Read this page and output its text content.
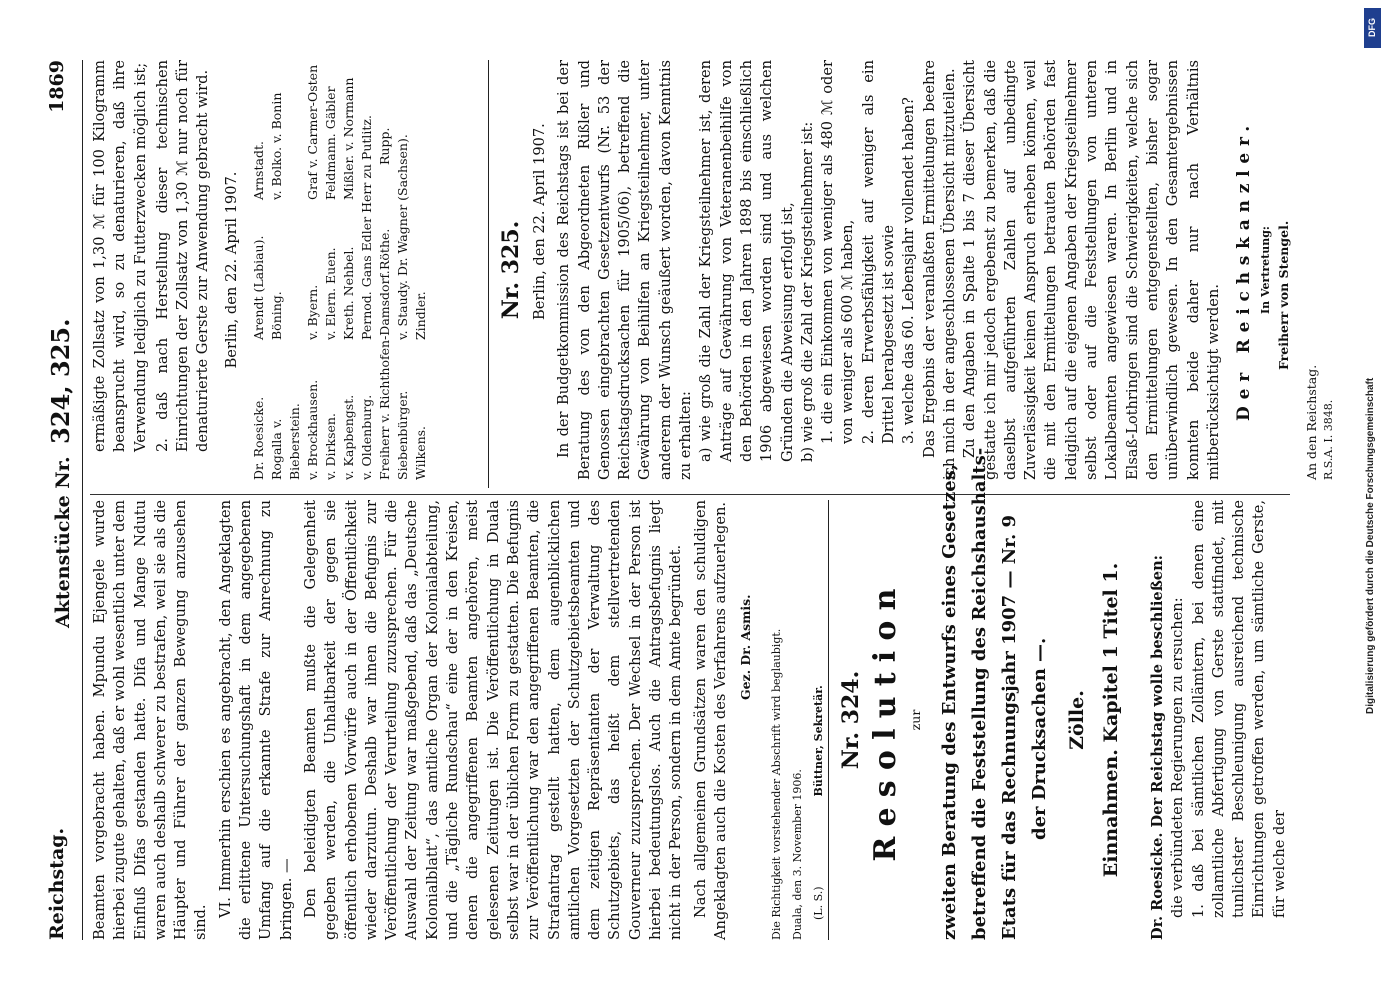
Reichstag.
Aktenstücke Nr. 324, 325.
1869

Beamten vorgebracht haben. Mpundu Ejengele wurde hierbei zugute gehalten, daß er wohl wesentlich unter dem Einfluß Difas gestanden hatte. Difa und Mange Ndutu waren auch deshalb schwerer zu bestrafen, weil sie als die Häupter und Führer der ganzen Bewegung anzusehen sind.

VI. Immerhin erschien es angebracht, den Angeklagten die erlittene Untersuchungshaft in dem angegebenen Umfang auf die erkannte Strafe zur Anrechnung zu bringen. — Den beleidigten Beamten mußte die Gelegenheit gegeben werden, die Unhaltbarkeit der gegen sie öffentlich erhobenen Vorwürfe auch in der Öffentlichkeit wieder darzutun. Deshalb war ihnen die Befugnis zur Veröffentlichung der Verurteilung zuzusprechen. Für die Auswahl der Zeitung war maßgebend, daß das „Deutsche Kolonialblatt“, das amtliche Organ der Kolonialabteilung, und die „Tägliche Rundschau“ eine der in den Kreisen, denen die angegriffenen Beamten angehören, meist gelesenen Zeitungen ist. Die Veröffentlichung in Duala selbst war in der üblichen Form zu gestatten. Die Befugnis zur Veröffentlichung war den angegriffenen Beamten, die Strafantrag gestellt hatten, dem augenblicklichen amtlichen Vorgesetzten der Schutzgebietsbeamten und dem zeitigen Repräsentanten der Verwaltung des Schutzgebiets, das heißt dem stellvertretenden Gouverneur zuzusprechen. Der Wechsel in der Person ist hierbei bedeutungslos. Auch die Antragsbefugnis liegt nicht in der Person, sondern in dem Amte begründet. Nach allgemeinen Grundsätzen waren den schuldigen Angeklagten auch die Kosten des Verfahrens aufzuerlegen. Gez. Dr. Asmis. Die Richtigkeit vorstehender Abschrift wird beglaubigt. Duala, den 3. November 1906. (L. S.)
Büttner, Sekretär. Nr. 324. Resolution zur zweiten Beratung des Entwurfs eines Gesetzes, betreffend die Feststellung des Reichshaushalts- Etats für das Rechnungsjahr 1907 — Nr. 9 der Drucksachen —. Zölle. Einnahmen. Kapitel 1 Titel 1. Dr. Roesicke. Der Reichstag wolle beschließen: die verbündeten Regierungen zu ersuchen: 1. daß bei sämtlichen Zollämtern, bei denen eine zollamtliche Abfertigung von Gerste stattfindet, mit tunlichster Beschleunigung ausreichend technische Einrichtungen getroffen werden, um sämtliche Gerste, für welche der

ermäßigte Zollsatz von 1,30 ℳ für 100 Kilogramm beansprucht wird, so zu denaturieren, daß ihre Verwendung lediglich zu Futterzwecken möglich ist; 2. daß nach Herstellung dieser technischen Einrichtungen der Zollsatz von 1,30 ℳ nur noch für denaturierte Gerste zur Anwendung gebracht wird. Berlin, den 22. April 1907.

Dr. Roesicke.
Arendt (Labiau).
Arnstadt.
Rogalla v. Bieberstein.
Böning.
v. Bolko. v. Bonin
v. Brockhausen.
v. Byern.
Graf v. Carmer-Osten
v. Dirksen.
v. Elern. Euen.
Feldmann. Gäbler
v. Kapbengst.
Kreth. Nehbel.
Mißler. v. Normann
v. Oldenburg.
Pernod. Gans Edler Herr zu Putlitz.
Freiherr v. Richthofen-Damsdorf.
Röthe.
Rupp.
Siebenbürger.
v. Staudy. Dr. Wagner (Sachsen).
Wilkens.
Zindler.	Nr. 325. Berlin, den 22. April 1907. In der Budgetkommission des Reichstags ist bei der Beratung des von den Abgeordneten Rißler und Genossen eingebrachten Gesetzentwurfs (Nr. 53 der Reichstagsdrucksachen für 1905/06), betreffend die Gewährung von Beihilfen an Kriegsteilnehmer, unter anderem der Wunsch geäußert worden, davon Kenntnis zu erhalten: a) wie groß die Zahl der Kriegsteilnehmer ist, deren Anträge auf Gewährung von Veteranenbeihilfe von den Behörden in den Jahren 1898 bis einschließlich 1906 abgewiesen worden sind und aus welchen Gründen die Abweisung erfolgt ist, b) wie groß die Zahl der Kriegsteilnehmer ist: 1. die ein Einkommen von weniger als 480 ℳ oder von weniger als 600 ℳ haben, 2. deren Erwerbsfähigkeit auf weniger als ein Drittel herabgesetzt ist sowie 3. welche das 60. Lebensjahr vollendet haben? Das Ergebnis der veranlaßten Ermittelungen beehre ich mich in der angeschlossenen Übersicht mitzuteilen. Zu den Angaben in Spalte 1 bis 7 dieser Übersicht gestatte ich mir jedoch ergebenst zu bemerken, daß die daselbst aufgeführten Zahlen auf unbedingte Zuverlässigkeit keinen Anspruch erheben können, weil die mit den Ermittelungen betrauten Behörden fast lediglich auf die eigenen Angaben der Kriegsteilnehmer selbst oder auf die Feststellungen von unteren Lokalbeamten angewiesen waren. In Berlin und in Elsaß-Lothringen sind die Schwierigkeiten, welche sich den Ermittelungen entgegenstellten, bisher sogar unüberwindlich gewesen. In den Gesamtergebnissen konnten beide daher nur nach Verhältnis mitberücksichtigt werden. Der Reichskanzler. In Vertretung: Freiherr von Stengel.
An den Reichstag. R.S.A. I. 3848.
DFG
Digitalisierung gefördert durch die Deutsche Forschungsgemeinschaft
